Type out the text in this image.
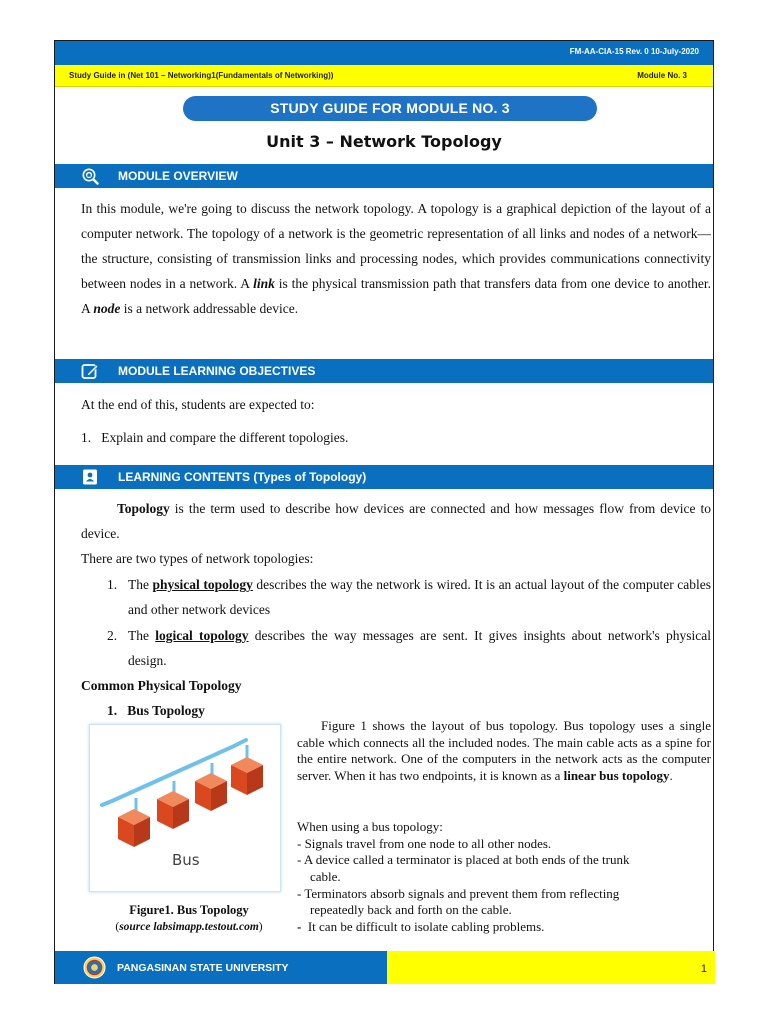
FM-AA-CIA-15 Rev. 0 10-July-2020
Study Guide in (Net 101 – Networking1(Fundamentals of Networking))	Module No. 3
STUDY GUIDE FOR MODULE NO. 3
Unit 3 – Network Topology
MODULE OVERVIEW
In this module, we're going to discuss the network topology. A topology is a graphical depiction of the layout of a computer network. The topology of a network is the geometric representation of all links and nodes of a network—the structure, consisting of transmission links and processing nodes, which provides communications connectivity between nodes in a network. A link is the physical transmission path that transfers data from one device to another. A node is a network addressable device.
MODULE LEARNING OBJECTIVES
At the end of this, students are expected to:
1. Explain and compare the different topologies.
LEARNING CONTENTS (Types of Topology)
Topology is the term used to describe how devices are connected and how messages flow from device to device.
There are two types of network topologies:
1. The physical topology describes the way the network is wired. It is an actual layout of the computer cables and other network devices
2. The logical topology describes the way messages are sent. It gives insights about network's physical design.
Common Physical Topology
1. Bus Topology
Bus
Figure1. Bus Topology
(source labsimapp.testout.com)
Figure 1 shows the layout of bus topology. Bus topology uses a single cable which connects all the included nodes. The main cable acts as a spine for the entire network. One of the computers in the network acts as the computer server. When it has two endpoints, it is known as a linear bus topology.
When using a bus topology:
- Signals travel from one node to all other nodes.
- A device called a terminator is placed at both ends of the trunk
cable.
- Terminators absorb signals and prevent them from reflecting
repeatedly back and forth on the cable.
- It can be difficult to isolate cabling problems.
PANGASINAN STATE UNIVERSITY	1
